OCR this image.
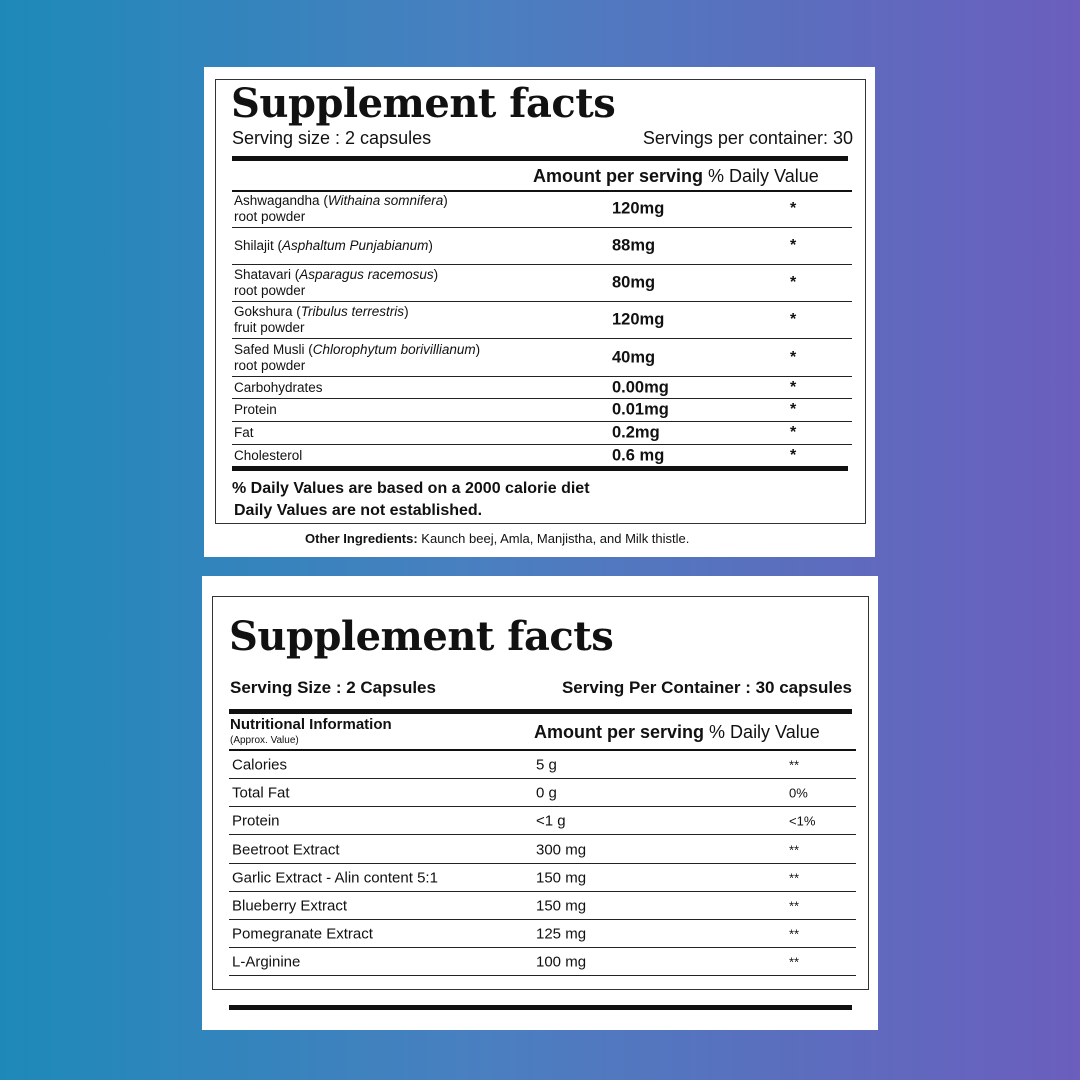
Supplement facts
Serving size : 2 capsules	Servings per container: 30
Amount per serving % Daily Value
Ashwagandha (Withaina somnifera)
root powder	120mg	*
Shilajit (Asphaltum Punjabianum)	88mg	*
Shatavari (Asparagus racemosus)
root powder	80mg	*
Gokshura (Tribulus terrestris)
fruit powder	120mg	*
Safed Musli (Chlorophytum borivillianum)
root powder	40mg	*
Carbohydrates	0.00mg	*
Protein	0.01mg	*
Fat	0.2mg	*
Cholesterol	0.6 mg	*
% Daily Values are based on a 2000 calorie diet
Daily Values are not established.
Other Ingredients: Kaunch beej, Amla, Manjistha, and Milk thistle.
Supplement facts
Serving Size : 2 Capsules	Serving Per Container : 30 capsules
Nutritional Information
(Approx. Value)	Amount per serving % Daily Value
Calories	5 g	**
Total Fat	0 g	0%
Protein	<1 g	<1%
Beetroot Extract	300 mg	**
Garlic Extract - Alin content 5:1	150 mg	**
Blueberry Extract	150 mg	**
Pomegranate Extract	125 mg	**
L-Arginine	100 mg	**
